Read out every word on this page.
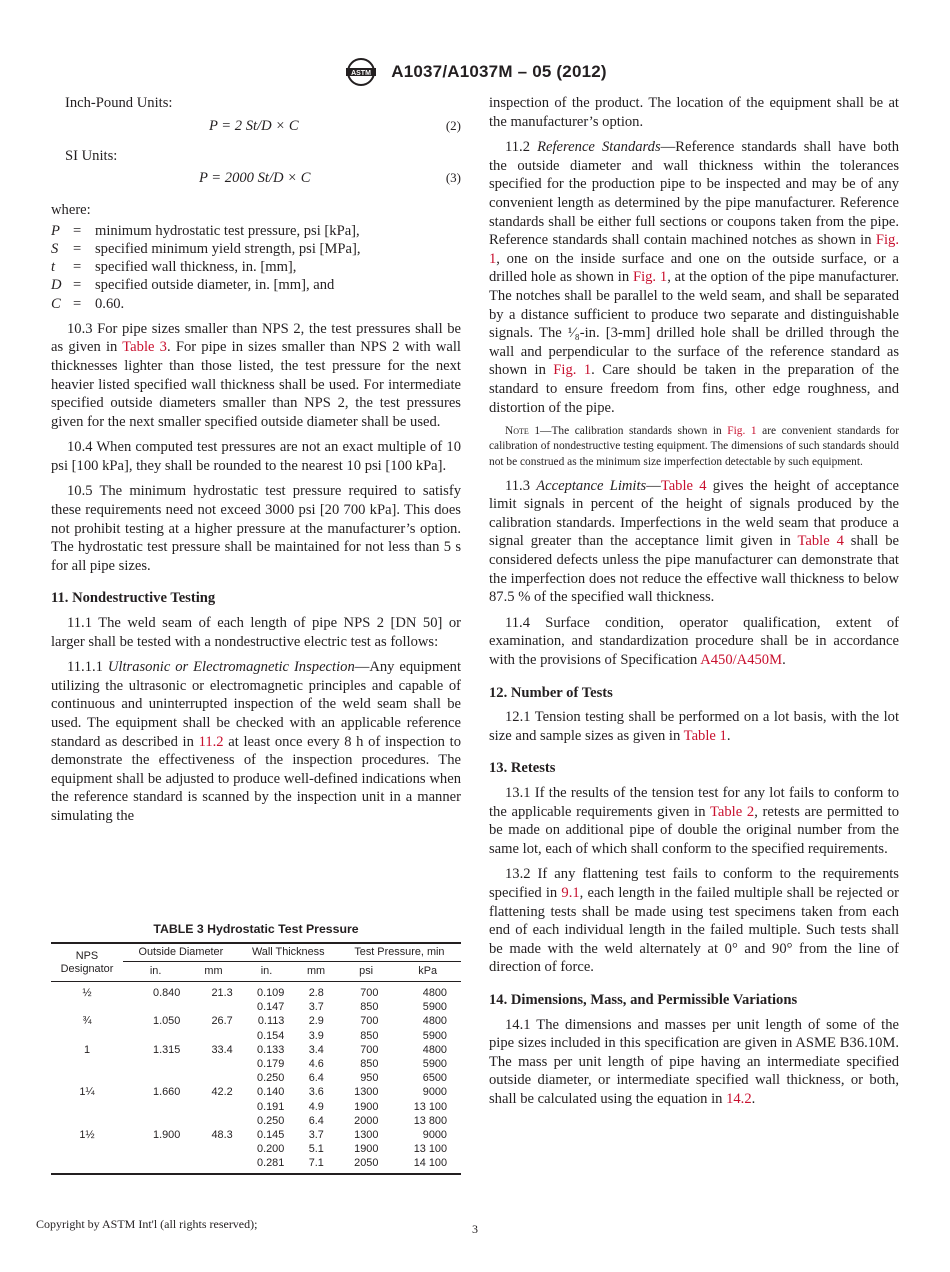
ASTM A1037/A1037M – 05 (2012)
Inch-Pound Units:
P = 2 St/D × C	(2)
SI Units:
P = 2000 St/D × C	(3)
where:
P = minimum hydrostatic test pressure, psi [kPa],
S = specified minimum yield strength, psi [MPa],
t = specified wall thickness, in. [mm],
D = specified outside diameter, in. [mm], and
C = 0.60.

10.3 For pipe sizes smaller than NPS 2, the test pressures shall be as given in Table 3. For pipe in sizes smaller than NPS 2 with wall thicknesses lighter than those listed, the test pressure for the next heavier listed specified wall thickness shall be used. For intermediate specified outside diameters smaller than NPS 2, the test pressures given for the next smaller specified outside diameter shall be used.

10.4 When computed test pressures are not an exact multiple of 10 psi [100 kPa], they shall be rounded to the nearest 10 psi [100 kPa].

10.5 The minimum hydrostatic test pressure required to satisfy these requirements need not exceed 3000 psi [20 700 kPa]. This does not prohibit testing at a higher pressure at the manufacturer’s option. The hydrostatic test pressure shall be maintained for not less than 5 s for all pipe sizes.

11. Nondestructive Testing

11.1 The weld seam of each length of pipe NPS 2 [DN 50] or larger shall be tested with a nondestructive electric test as follows:

11.1.1 Ultrasonic or Electromagnetic Inspection—Any equipment utilizing the ultrasonic or electromagnetic principles and capable of continuous and uninterrupted inspection of the weld seam shall be used. The equipment shall be checked with an applicable reference standard as described in 11.2 at least once every 8 h of inspection to demonstrate the effectiveness of the inspection procedures. The equipment shall be adjusted to produce well-defined indications when the reference standard is scanned by the inspection unit in a manner simulating the

TABLE 3 Hydrostatic Test Pressure
NPS Designator	Outside Diameter		Wall Thickness		Test Pressure, min	
	in.	mm	in.	mm	psi	kPa
½	0.840	21.3	0.109	2.8	700	4800
			0.147	3.7	850	5900
¾	1.050	26.7	0.113	2.9	700	4800
			0.154	3.9	850	5900
1	1.315	33.4	0.133	3.4	700	4800
			0.179	4.6	850	5900
			0.250	6.4	950	6500
1¼	1.660	42.2	0.140	3.6	1300	9000
			0.191	4.9	1900	13 100
			0.250	6.4	2000	13 800
1½	1.900	48.3	0.145	3.7	1300	9000
			0.200	5.1	1900	13 100
			0.281	7.1	2050	14 100

inspection of the product. The location of the equipment shall be at the manufacturer’s option.

11.2 Reference Standards—Reference standards shall have both the outside diameter and wall thickness within the tolerances specified for the production pipe to be inspected and may be of any convenient length as determined by the pipe manufacturer. Reference standards shall be either full sections or coupons taken from the pipe. Reference standards shall contain machined notches as shown in Fig. 1, one on the inside surface and one on the outside surface, or a drilled hole as shown in Fig. 1, at the option of the pipe manufacturer. The notches shall be parallel to the weld seam, and shall be separated by a distance sufficient to produce two separate and distinguishable signals. The ¹⁄₈-in. [3-mm] drilled hole shall be drilled through the wall and perpendicular to the surface of the reference standard as shown in Fig. 1. Care should be taken in the preparation of the standard to ensure freedom from fins, other edge roughness, and distortion of the pipe.

Note 1—The calibration standards shown in Fig. 1 are convenient standards for calibration of nondestructive testing equipment. The dimensions of such standards should not be construed as the minimum size imperfection detectable by such equipment.

11.3 Acceptance Limits—Table 4 gives the height of acceptance limit signals in percent of the height of signals produced by the calibration standards. Imperfections in the weld seam that produce a signal greater than the acceptance limit given in Table 4 shall be considered defects unless the pipe manufacturer can demonstrate that the imperfection does not reduce the effective wall thickness to below 87.5 % of the specified wall thickness.

11.4 Surface condition, operator qualification, extent of examination, and standardization procedure shall be in accordance with the provisions of Specification A450/A450M.

12. Number of Tests

12.1 Tension testing shall be performed on a lot basis, with the lot size and sample sizes as given in Table 1.

13. Retests

13.1 If the results of the tension test for any lot fails to conform to the applicable requirements given in Table 2, retests are permitted to be made on additional pipe of double the original number from the same lot, each of which shall conform to the specified requirements.

13.2 If any flattening test fails to conform to the requirements specified in 9.1, each length in the failed multiple shall be rejected or flattening tests shall be made using test specimens taken from each end of each individual length in the failed multiple. Such tests shall be made with the weld alternately at 0° and 90° from the line of direction of force.

14. Dimensions, Mass, and Permissible Variations

14.1 The dimensions and masses per unit length of some of the pipe sizes included in this specification are given in ASME B36.10M. The mass per unit length of pipe having an intermediate specified outside diameter, or intermediate specified wall thickness, or both, shall be calculated using the equation in 14.2.

Copyright by ASTM Int'l (all rights reserved);	3
